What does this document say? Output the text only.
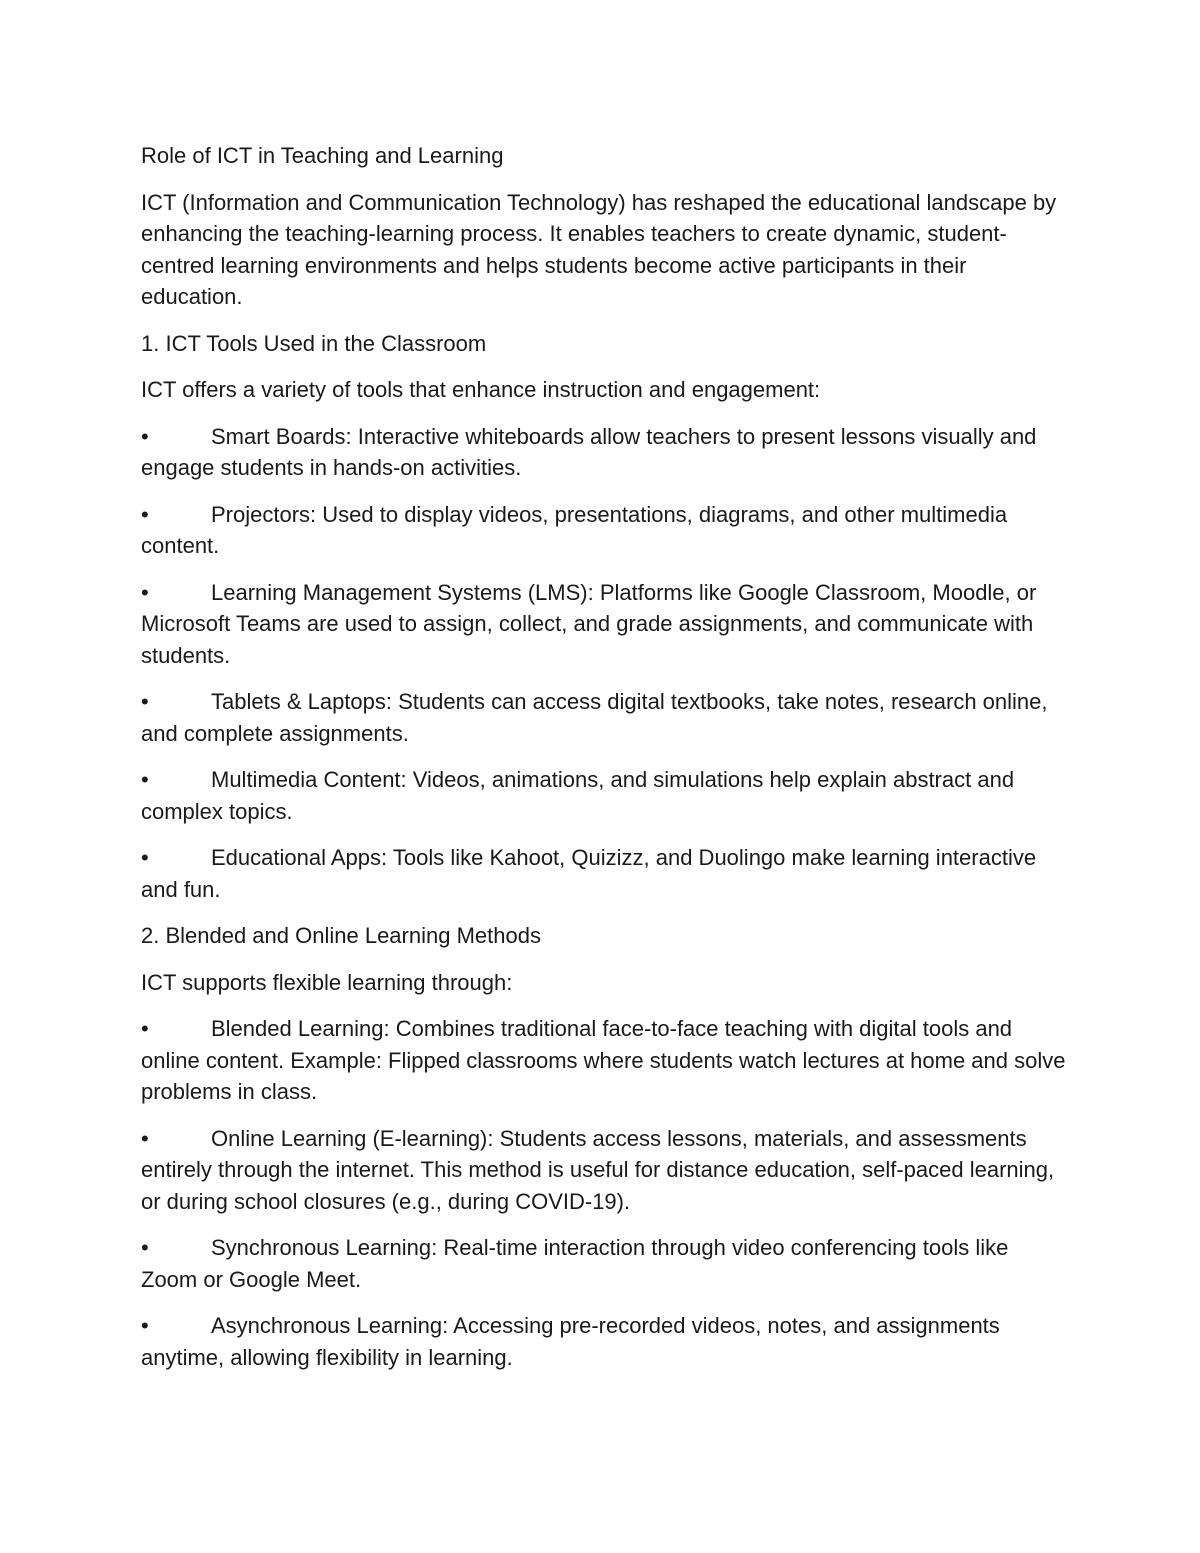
Role of ICT in Teaching and Learning

ICT (Information and Communication Technology) has reshaped the educational landscape by enhancing the teaching-learning process. It enables teachers to create dynamic, student-centred learning environments and helps students become active participants in their education.

1. ICT Tools Used in the Classroom

ICT offers a variety of tools that enhance instruction and engagement:

•	Smart Boards: Interactive whiteboards allow teachers to present lessons visually and engage students in hands-on activities.
•	Projectors: Used to display videos, presentations, diagrams, and other multimedia content.
•	Learning Management Systems (LMS): Platforms like Google Classroom, Moodle, or Microsoft Teams are used to assign, collect, and grade assignments, and communicate with students.
•	Tablets & Laptops: Students can access digital textbooks, take notes, research online, and complete assignments.
•	Multimedia Content: Videos, animations, and simulations help explain abstract and complex topics.
•	Educational Apps: Tools like Kahoot, Quizizz, and Duolingo make learning interactive and fun.

2. Blended and Online Learning Methods

ICT supports flexible learning through:

•	Blended Learning: Combines traditional face-to-face teaching with digital tools and online content. Example: Flipped classrooms where students watch lectures at home and solve problems in class.
•	Online Learning (E-learning): Students access lessons, materials, and assessments entirely through the internet. This method is useful for distance education, self-paced learning, or during school closures (e.g., during COVID-19).
•	Synchronous Learning: Real-time interaction through video conferencing tools like Zoom or Google Meet.
•	Asynchronous Learning: Accessing pre-recorded videos, notes, and assignments anytime, allowing flexibility in learning.
